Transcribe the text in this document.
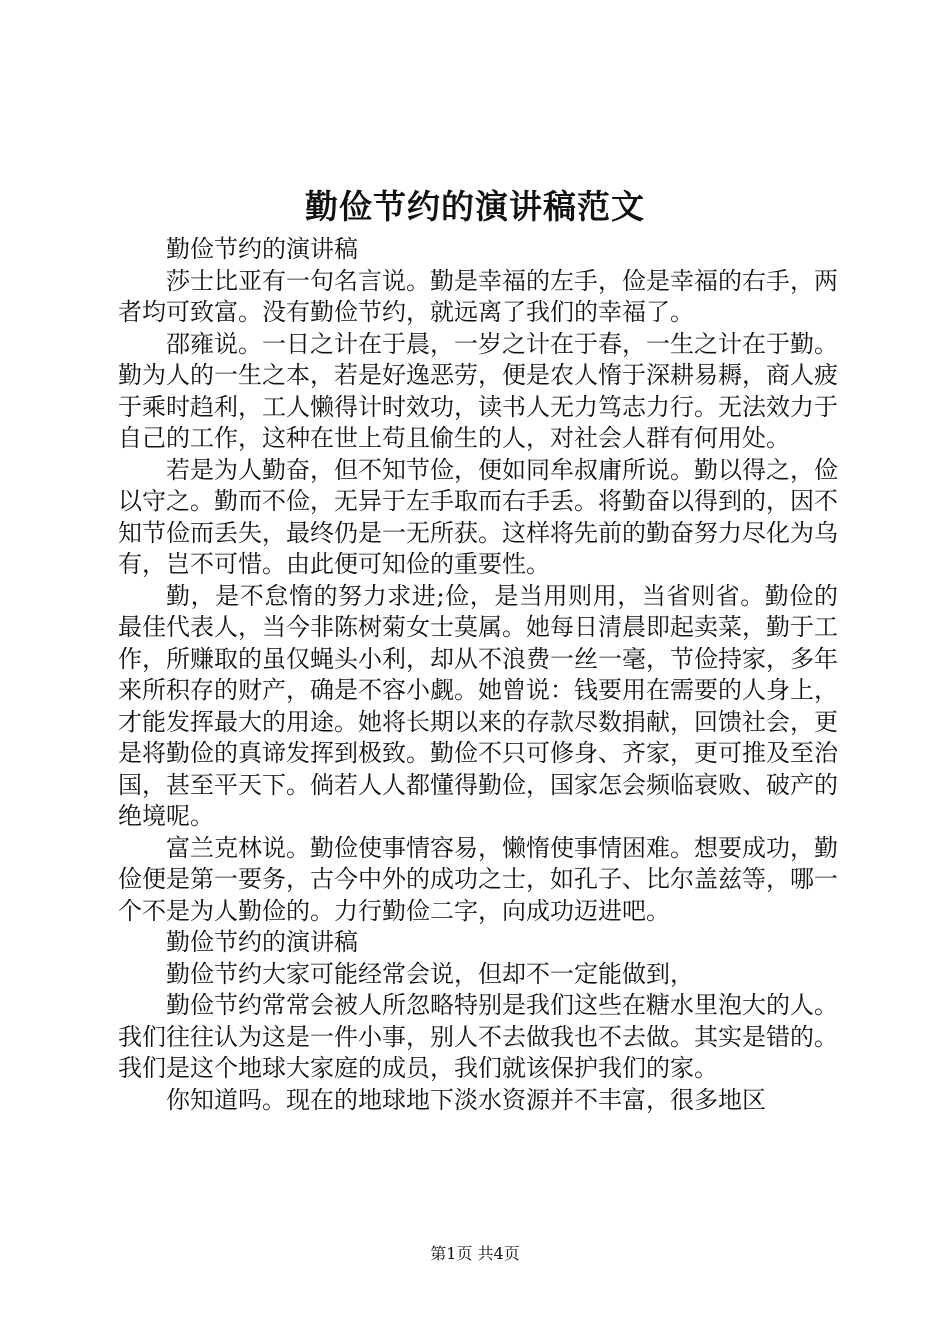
勤俭节约的演讲稿范文

勤俭节约的演讲稿

莎士比亚有一句名言说。勤是幸福的左手，俭是幸福的右手，两者均可致富。没有勤俭节约，就远离了我们的幸福了。

邵雍说。一日之计在于晨，一岁之计在于春，一生之计在于勤。勤为人的一生之本，若是好逸恶劳，便是农人惰于深耕易耨，商人疲于乘时趋利，工人懒得计时效功，读书人无力笃志力行。无法效力于自己的工作，这种在世上苟且偷生的人，对社会人群有何用处。

若是为人勤奋，但不知节俭，便如同牟叔庸所说。勤以得之，俭以守之。勤而不俭，无异于左手取而右手丢。将勤奋以得到的，因不知节俭而丢失，最终仍是一无所获。这样将先前的勤奋努力尽化为乌有，岂不可惜。由此便可知俭的重要性。

勤，是不怠惰的努力求进;俭，是当用则用，当省则省。勤俭的最佳代表人，当今非陈树菊女士莫属。她每日清晨即起卖菜，勤于工作，所赚取的虽仅蝇头小利，却从不浪费一丝一毫，节俭持家，多年来所积存的财产，确是不容小觑。她曾说：钱要用在需要的人身上，才能发挥最大的用途。她将长期以来的存款尽数捐献，回馈社会，更是将勤俭的真谛发挥到极致。勤俭不只可修身、齐家，更可推及至治国，甚至平天下。倘若人人都懂得勤俭，国家怎会频临衰败、破产的绝境呢。

富兰克林说。勤俭使事情容易，懒惰使事情困难。想要成功，勤俭便是第一要务，古今中外的成功之士，如孔子、比尔盖兹等，哪一个不是为人勤俭的。力行勤俭二字，向成功迈进吧。

勤俭节约的演讲稿

勤俭节约大家可能经常会说，但却不一定能做到，

勤俭节约常常会被人所忽略特别是我们这些在糖水里泡大的人。我们往往认为这是一件小事，别人不去做我也不去做。其实是错的。我们是这个地球大家庭的成员，我们就该保护我们的家。

你知道吗。现在的地球地下淡水资源并不丰富，很多地区

第1页 共4页
